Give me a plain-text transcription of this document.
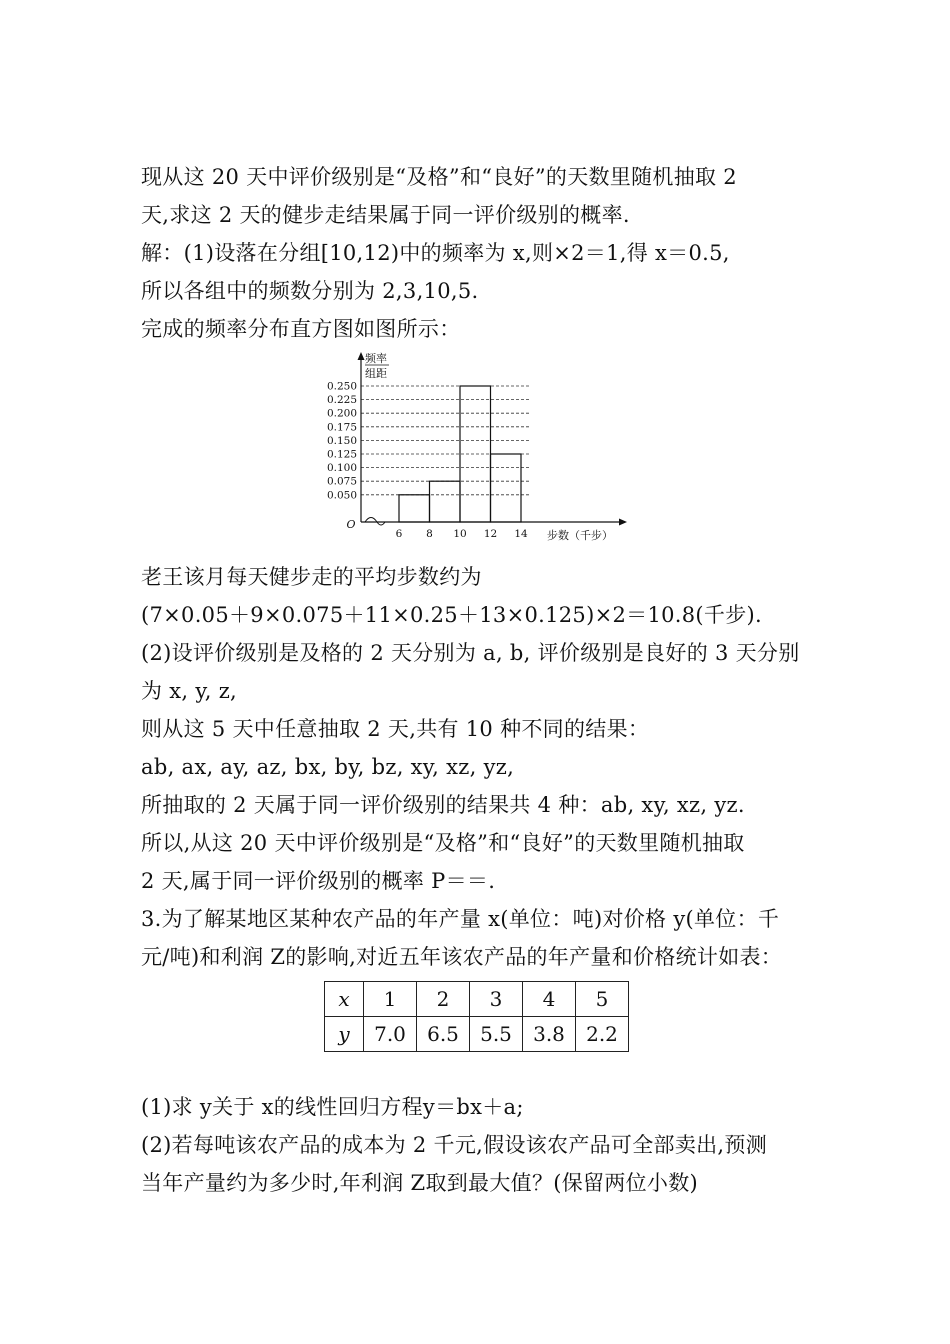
现从这 20 天中评价级别是“及格”和“良好”的天数里随机抽取 2
天,求这 2 天的健步走结果属于同一评价级别的概率.
解：(1)设落在分组[10,12)中的频率为 x,则×2＝1,得 x＝0.5,
所以各组中的频数分别为 2,3,10,5.
完成的频率分布直方图如图所示：
0.250
0.225
0.200
0.175
0.150
0.125
0.100
0.075
0.050
6 8 10 12 14
O
频率
组距
步数（千步）
老王该月每天健步走的平均步数约为
(7×0.05＋9×0.075＋11×0.25＋13×0.125)×2＝10.8(千步).
(2)设评价级别是及格的 2 天分别为 a, b, 评价级别是良好的 3 天分别
为 x, y, z,
则从这 5 天中任意抽取 2 天,共有 10 种不同的结果：
ab, ax, ay, az, bx, by, bz, xy, xz, yz,
所抽取的 2 天属于同一评价级别的结果共 4 种：ab, xy, xz, yz.
所以,从这 20 天中评价级别是“及格”和“良好”的天数里随机抽取
2 天,属于同一评价级别的概率 P＝＝.
3.为了解某地区某种农产品的年产量 x(单位：吨)对价格 y(单位：千
元/吨)和利润 Z的影响,对近五年该农产品的年产量和价格统计如表：
x	1	2	3	4	5
y	7.0	6.5	5.5	3.8	2.2
(1)求 y关于 x的线性回归方程y＝bx＋a;
(2)若每吨该农产品的成本为 2 千元,假设该农产品可全部卖出,预测
当年产量约为多少时,年利润 Z取到最大值？(保留两位小数)
